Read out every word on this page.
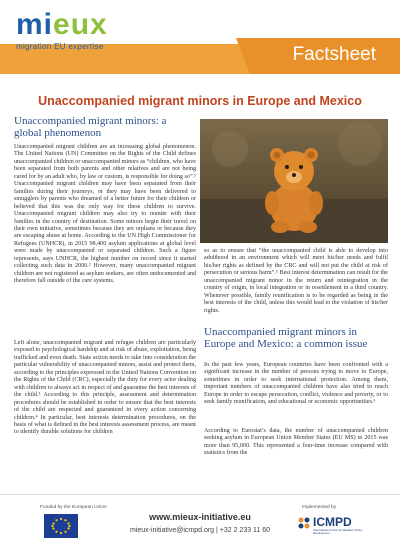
Factsheet
mieux
migration EU expertise
Unaccompanied migrant minors in Europe and Mexico
Unaccompanied migrant minors: a global phenomenon
Unaccompanied migrant children are an increasing global phenomenon. The United Nations (UN) Committee on the Rights of the Child defines unaccompanied children or unaccompanied minors as “children, who have been separated from both parents and other relatives and are not being cared for by an adult who, by law or custom, is responsible for doing so”.¹ Unaccompanied migrant children may have been separated from their families during their journeys, or they may have been delivered to smugglers by parents who dreamed of a better future for their children or believed that this was the only way for these children to survive. Unaccompanied migrant children may also try to reunite with their families in the country of destination. Some minors begin their travel on their own initiative, sometimes because they are orphans or because they are escaping abuse at home. According to the UN High Commissioner for Refugees (UNHCR), in 2015 98,400 asylum applications at global level were made by unaccompanied or separated children. Such a figure represents, says UNHCR, the highest number on record since it started collecting such data in 2006.² However, many unaccompanied migrant children are not registered as asylum seekers, are often undocumented and therefore fall outside of the care systems.
Left alone, unaccompanied migrant and refugee children are particularly exposed to psychological hardship and at risk of abuse, exploitation, being trafficked and even death. State action needs to take into consideration the particular vulnerability of unaccompanied minors, assist and protect them, according to the principles expressed in the United Nations Convention on the Rights of the Child (CRC), especially the duty for every actor dealing with children to always act in respect of and guarantee the best interests of the child.³ According to this principle, assessment and determination procedures should be established in order to ensure that the best interests of the child are respected and guaranteed in every action concerning children.⁴ In particular, best interests determination procedures, on the basis of what is defined in the best interests assessment process, are meant to identify durable solutions for children
so as to ensure that “the unaccompanied child is able to develop into adulthood in an environment which will meet his/her needs and fulfil his/her rights as defined by the CRC and will not put the child at risk of persecution or serious harm”.⁵ Best interest determination can result for the unaccompanied migrant minor in the return and reintegration in the country of origin, in local integration or in resettlement in a third country. Whenever possible, family reunification is to be regarded as being in the best interests of the child, unless this would lead to the violation of his/her rights.
Unaccompanied migrant minors in Europe and Mexico: a common issue
In the past few years, European countries have been confronted with a significant increase in the number of persons trying to move to Europe, sometimes in order to seek international protection. Among them, important numbers of unaccompanied children have also tried to reach Europe in order to escape persecution, conflict, violence and poverty, or to seek family reunification, and educational or economic opportunities.⁶
According to Eurostat’s data, the number of unaccompanied children seeking asylum in European Union Member States (EU MS) in 2015 was more than 95,000. This represented a four-time increase compared with statistics from the
Funded by the European Union
www.mieux-initiative.eu
mieux-initiative@icmpd.org | +32 2 233 11 60
Implemented by
ICMPD
International Centre for Migration Policy Development
